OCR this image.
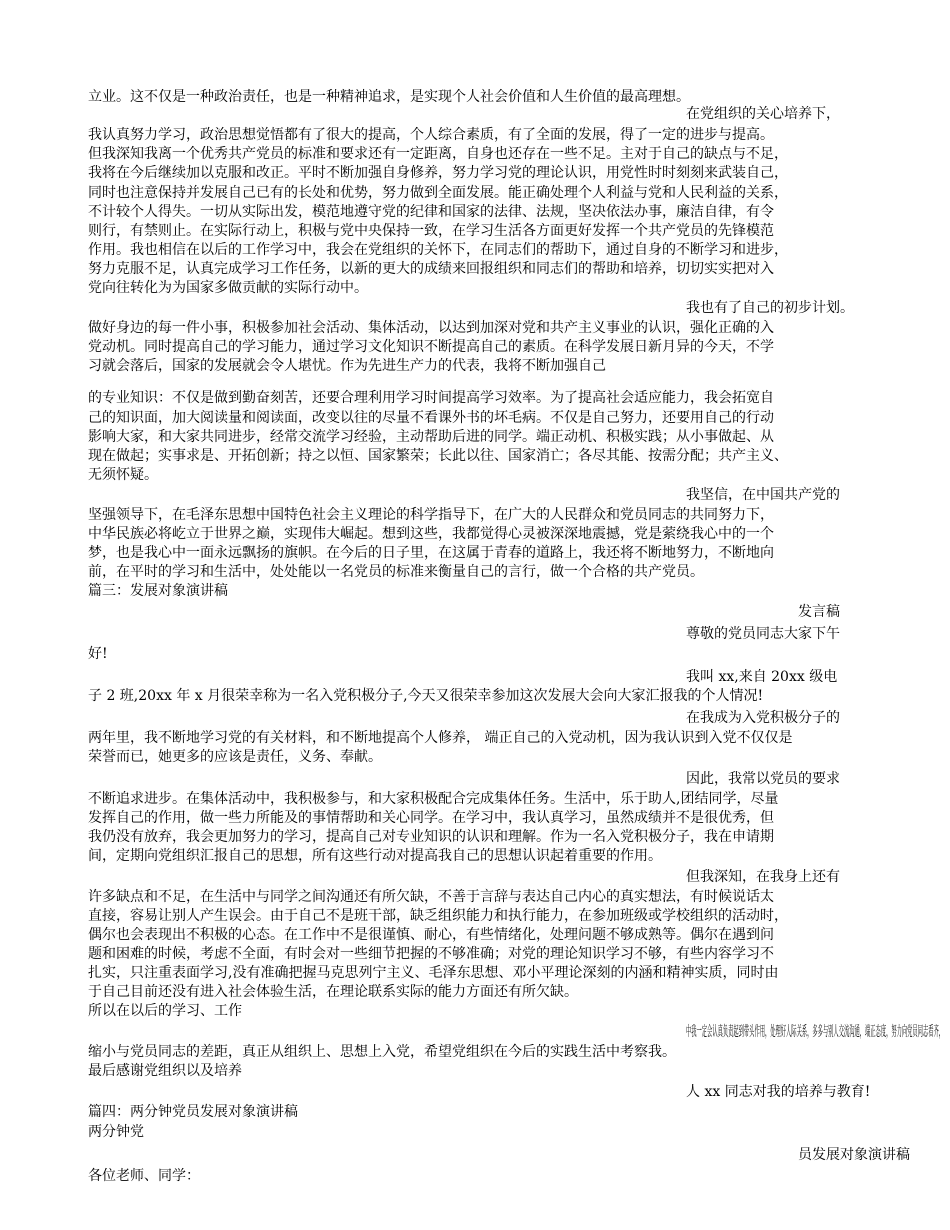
立业。这不仅是一种政治责任，也是一种精神追求，是实现个人社会价值和人生价值的最高理想。

在党组织的关心培养下，

我认真努力学习，政治思想觉悟都有了很大的提高，个人综合素质，有了全面的发展，得了一定的进步与提高。

但我深知我离一个优秀共产党员的标准和要求还有一定距离，自身也还存在一些不足。主对于自己的缺点与不足，

我将在今后继续加以克服和改正。平时不断加强自身修养，努力学习党的理论认识，用党性时时刻刻来武装自己，

同时也注意保持并发展自己已有的长处和优势，努力做到全面发展。能正确处理个人利益与党和人民利益的关系，

不计较个人得失。一切从实际出发，模范地遵守党的纪律和国家的法律、法规，坚决依法办事，廉洁自律，有令

则行，有禁则止。在实际行动上，积极与党中央保持一致，在学习生活各方面更好发挥一个共产党员的先锋模范

作用。我也相信在以后的工作学习中，我会在党组织的关怀下，在同志们的帮助下，通过自身的不断学习和进步，

努力克服不足，认真完成学习工作任务，以新的更大的成绩来回报组织和同志们的帮助和培养，切切实实把对入

党向往转化为为国家多做贡献的实际行动中。

我也有了自己的初步计划。

做好身边的每一件小事，积极参加社会活动、集体活动，以达到加深对党和共产主义事业的认识，强化正确的入

党动机。同时提高自己的学习能力，通过学习文化知识不断提高自己的素质。在科学发展日新月异的今天，不学

习就会落后，国家的发展就会令人堪忧。作为先进生产力的代表，我将不断加强自己

的专业知识：不仅是做到勤奋刻苦，还要合理利用学习时间提高学习效率。为了提高社会适应能力，我会拓宽自

己的知识面，加大阅读量和阅读面，改变以往的尽量不看课外书的坏毛病。不仅是自己努力，还要用自己的行动

影响大家，和大家共同进步，经常交流学习经验，主动帮助后进的同学。端正动机、积极实践；从小事做起、从

现在做起；实事求是、开拓创新；持之以恒、国家繁荣；长此以往、国家消亡；各尽其能、按需分配；共产主义、

无须怀疑。

我坚信，在中国共产党的

坚强领导下，在毛泽东思想中国特色社会主义理论的科学指导下，在广大的人民群众和党员同志的共同努力下，

中华民族必将屹立于世界之巅，实现伟大崛起。想到这些，我都觉得心灵被深深地震撼，党是萦绕我心中的一个

梦，也是我心中一面永远飘扬的旗帜。在今后的日子里，在这属于青春的道路上，我还将不断地努力，不断地向

前，在平时的学习和生活中，处处能以一名党员的标准来衡量自己的言行，做一个合格的共产党员。

篇三：发展对象演讲稿

发言稿

尊敬的党员同志大家下午

好!

我叫 xx,来自 20xx 级电

子 2 班,20xx 年 x 月很荣幸称为一名入党积极分子,今天又很荣幸参加这次发展大会向大家汇报我的个人情况!

在我成为入党积极分子的

两年里，我不断地学习党的有关材料，和不断地提高个人修养， 端正自己的入党动机，因为我认识到入党不仅仅是

荣誉而已，她更多的应该是责任，义务、奉献。

因此，我常以党员的要求

不断追求进步。在集体活动中，我积极参与，和大家积极配合完成集体任务。生活中，乐于助人,团结同学，尽量

发挥自己的作用，做一些力所能及的事情帮助和关心同学。在学习中，我认真学习，虽然成绩并不是很优秀，但

我仍没有放弃，我会更加努力的学习，提高自己对专业知识的认识和理解。作为一名入党积极分子，我在申请期

间，定期向党组织汇报自己的思想，所有这些行动对提高我自己的思想认识起着重要的作用。

但我深知，在我身上还有

许多缺点和不足，在生活中与同学之间沟通还有所欠缺，不善于言辞与表达自己内心的真实想法，有时候说话太

直接，容易让别人产生误会。由于自己不是班干部，缺乏组织能力和执行能力，在参加班级或学校组织的活动时，

偶尔也会表现出不积极的心态。在工作中不是很谨慎、耐心，有些情绪化，处理问题不够成熟等。偶尔在遇到问

题和困难的时候，考虑不全面，有时会对一些细节把握的不够准确；对党的理论知识学习不够，有些内容学习不

扎实，只注重表面学习,没有准确把握马克思列宁主义、毛泽东思想、邓小平理论深刻的内涵和精神实质，同时由

于自己目前还没有进入社会体验生活，在理论联系实际的能力方面还有所欠缺。

所以在以后的学习、工作

中我一定会认真负责起到带头作用，处理好人际关系，多多与别人交流沟通，端正态度，努力向党员同志看齐，

缩小与党员同志的差距，真正从组织上、思想上入党，希望党组织在今后的实践生活中考察我。

最后感谢党组织以及培养

人 xx 同志对我的培养与教育!

篇四：两分钟党员发展对象演讲稿

两分钟党

员发展对象演讲稿

各位老师、同学：
